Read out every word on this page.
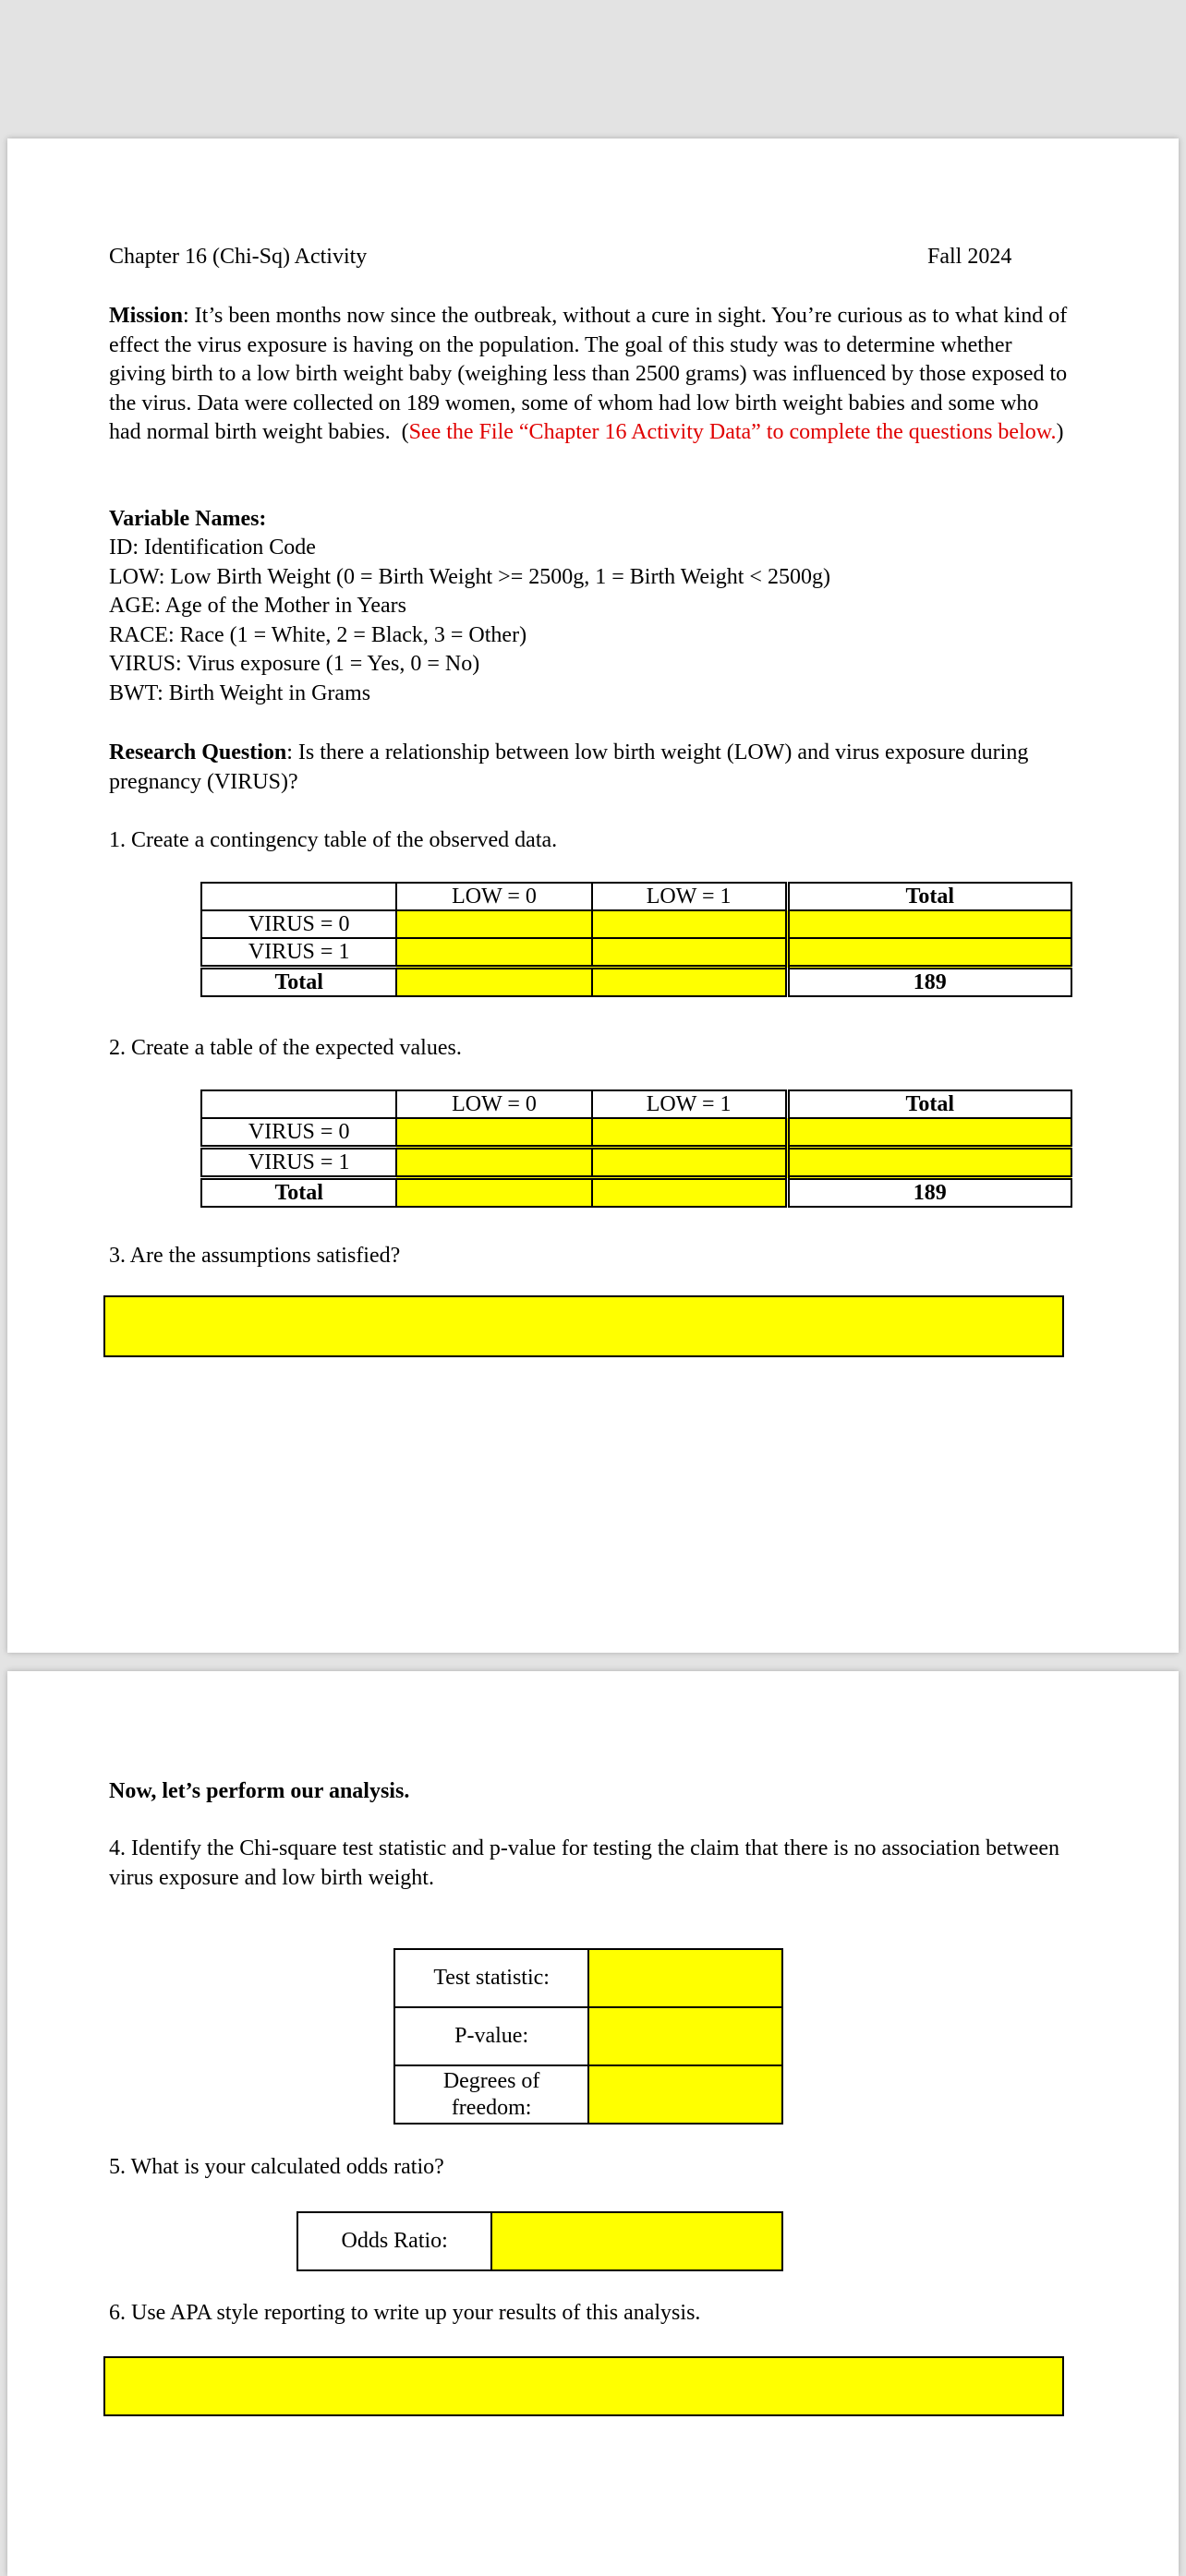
Chapter 16 (Chi-Sq) Activity	Fall 2024
Mission: It’s been months now since the outbreak, without a cure in sight. You’re curious as to what kind of effect the virus exposure is having on the population. The goal of this study was to determine whether giving birth to a low birth weight baby (weighing less than 2500 grams) was influenced by those exposed to the virus. Data were collected on 189 women, some of whom had low birth weight babies and some who had normal birth weight babies. (See the File “Chapter 16 Activity Data” to complete the questions below.)
Variable Names:
ID: Identification Code
LOW: Low Birth Weight (0 = Birth Weight >= 2500g, 1 = Birth Weight < 2500g)
AGE: Age of the Mother in Years
RACE: Race (1 = White, 2 = Black, 3 = Other)
VIRUS: Virus exposure (1 = Yes, 0 = No)
BWT: Birth Weight in Grams
Research Question: Is there a relationship between low birth weight (LOW) and virus exposure during pregnancy (VIRUS)?
1. Create a contingency table of the observed data.
	LOW = 0	LOW = 1	Total
VIRUS = 0			
VIRUS = 1			
Total			189
2. Create a table of the expected values.
	LOW = 0	LOW = 1	Total
VIRUS = 0			
VIRUS = 1			
Total			189
3. Are the assumptions satisfied?
Now, let’s perform our analysis.
4. Identify the Chi-square test statistic and p-value for testing the claim that there is no association between virus exposure and low birth weight.
Test statistic:	
P-value:	
Degrees of
freedom:	
5. What is your calculated odds ratio?
Odds Ratio:	
6. Use APA style reporting to write up your results of this analysis.
